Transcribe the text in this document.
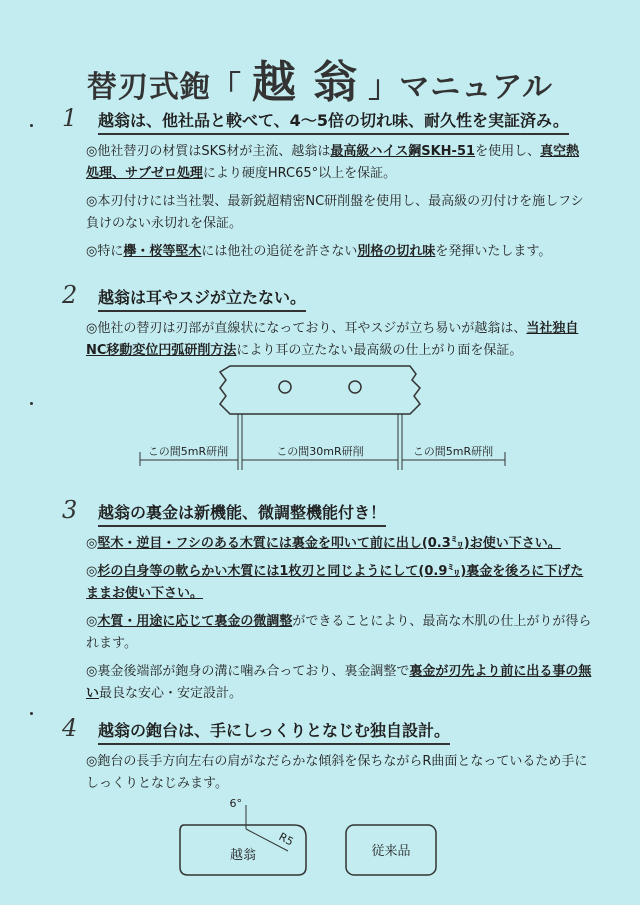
替刃式鉋「 越 翁 」マニュアル
1 越翁は、他社品と較べて、4～5倍の切れ味、耐久性を実証済み。
◎他社替刃の材質はSKS材が主流、越翁は最高級ハイス鋼SKH-51を使用し、真空熱処理、サブゼロ処理により硬度HRC65°以上を保証。
◎本刃付けには当社製、最新鋭超精密NC研削盤を使用し、最高級の刃付けを施しフシ負けのない永切れを保証。
◎特に欅・桜等堅木には他社の追従を許さない別格の切れ味を発揮いたします。
2 越翁は耳やスジが立たない。
◎他社の替刃は刃部が直線状になっており、耳やスジが立ち易いが越翁は、当社独自NC移動変位円弧研削方法により耳の立たない最高級の仕上がり面を保証。
この間5mR研削	この間30mR研削	この間5mR研削
3 越翁の裏金は新機能、微調整機能付き！
◎堅木・逆目・フシのある木質には裏金を叩いて前に出し(0.3㍉)お使い下さい。
◎杉の白身等の軟らかい木質には1枚刃と同じようにして(0.9㍉)裏金を後ろに下げたままお使い下さい。
◎木質・用途に応じて裏金の微調整ができることにより、最高な木肌の仕上がりが得られます。
◎裏金後端部が鉋身の溝に噛み合っており、裏金調整で裏金が刃先より前に出る事の無い最良な安心・安定設計。
4 越翁の鉋台は、手にしっくりとなじむ独自設計。
◎鉋台の長手方向左右の肩がなだらかな傾斜を保ちながらR曲面となっているため手にしっくりとなじみます。
6°
R5
越翁	従来品
